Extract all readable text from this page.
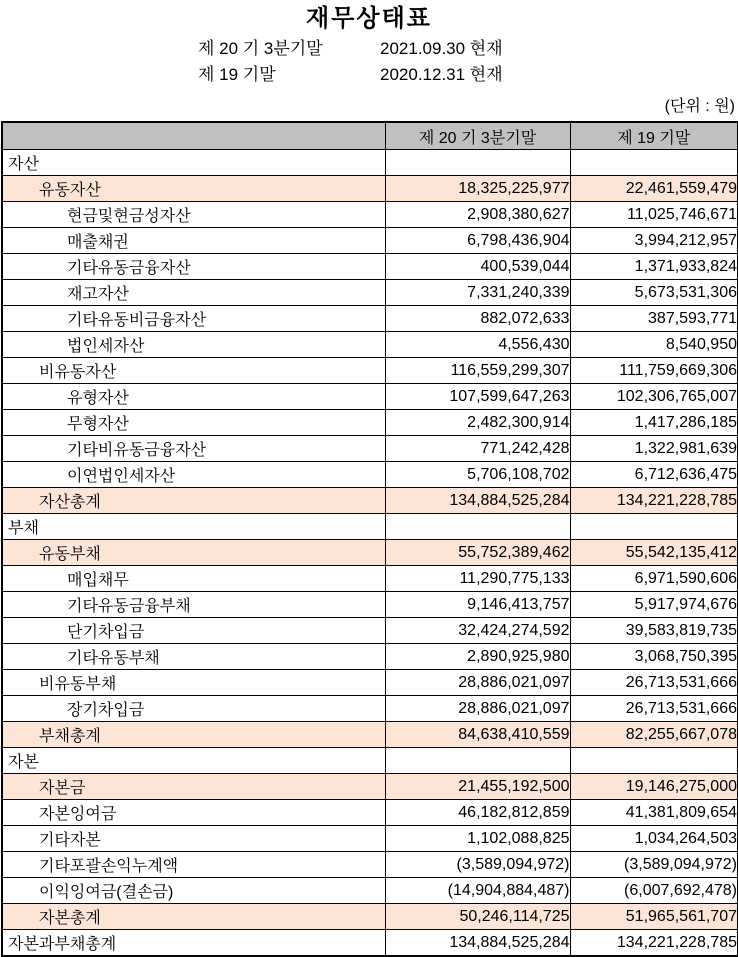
재무상태표
제 20 기 3분기말	2021.09.30 현재
제 19 기말	2020.12.31 현재
(단위 : 원)
	제 20 기 3분기말	제 19 기말
자산		
유동자산	18,325,225,977	22,461,559,479
현금및현금성자산	2,908,380,627	11,025,746,671
매출채권	6,798,436,904	3,994,212,957
기타유동금융자산	400,539,044	1,371,933,824
재고자산	7,331,240,339	5,673,531,306
기타유동비금융자산	882,072,633	387,593,771
법인세자산	4,556,430	8,540,950
비유동자산	116,559,299,307	111,759,669,306
유형자산	107,599,647,263	102,306,765,007
무형자산	2,482,300,914	1,417,286,185
기타비유동금융자산	771,242,428	1,322,981,639
이연법인세자산	5,706,108,702	6,712,636,475
자산총계	134,884,525,284	134,221,228,785
부채		
유동부채	55,752,389,462	55,542,135,412
매입채무	11,290,775,133	6,971,590,606
기타유동금융부채	9,146,413,757	5,917,974,676
단기차입금	32,424,274,592	39,583,819,735
기타유동부채	2,890,925,980	3,068,750,395
비유동부채	28,886,021,097	26,713,531,666
장기차입금	28,886,021,097	26,713,531,666
부채총계	84,638,410,559	82,255,667,078
자본		
자본금	21,455,192,500	19,146,275,000
자본잉여금	46,182,812,859	41,381,809,654
기타자본	1,102,088,825	1,034,264,503
기타포괄손익누계액	(3,589,094,972)	(3,589,094,972)
이익잉여금(결손금)	(14,904,884,487)	(6,007,692,478)
자본총계	50,246,114,725	51,965,561,707
자본과부채총계	134,884,525,284	134,221,228,785
